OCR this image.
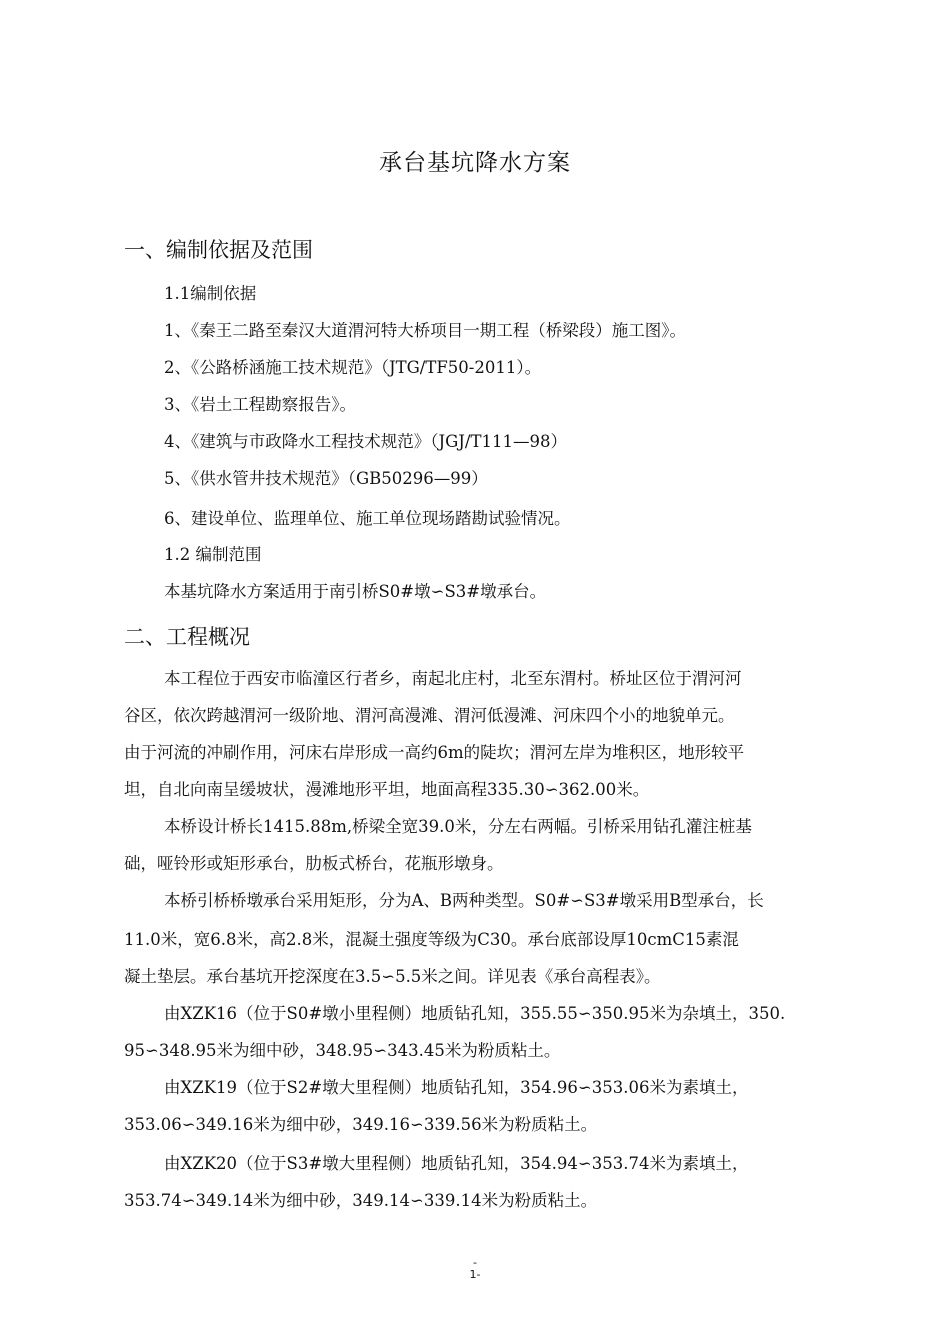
承台基坑降水方案
一、编制依据及范围
1.1编制依据
1、《秦王二路至秦汉大道渭河特大桥项目一期工程（桥梁段）施工图》。
2、《公路桥涵施工技术规范》（JTG/TF50-2011）。
3、《岩土工程勘察报告》。
4、《建筑与市政降水工程技术规范》（JGJ/T111—98）
5、《供水管井技术规范》（GB50296—99）
6、建设单位、监理单位、施工单位现场踏勘试验情况。
1.2 编制范围
本基坑降水方案适用于南引桥S0#墩∽S3#墩承台。
二、工程概况
本工程位于西安市临潼区行者乡，南起北庄村，北至东渭村。桥址区位于渭河河
谷区，依次跨越渭河一级阶地、渭河高漫滩、渭河低漫滩、河床四个小的地貌单元。
由于河流的冲刷作用，河床右岸形成一高约6m的陡坎；渭河左岸为堆积区，地形较平
坦，自北向南呈缓坡状，漫滩地形平坦，地面高程335.30∽362.00米。
本桥设计桥长1415.88m,桥梁全宽39.0米，分左右两幅。引桥采用钻孔灌注桩基
础，哑铃形或矩形承台，肋板式桥台，花瓶形墩身。
本桥引桥桥墩承台采用矩形，分为A、B两种类型。S0#∽S3#墩采用B型承台，长
11.0米，宽6.8米，高2.8米，混凝土强度等级为C30。承台底部设厚10cmC15素混
凝土垫层。承台基坑开挖深度在3.5∽5.5米之间。详见表《承台高程表》。
由XZK16（位于S0#墩小里程侧）地质钻孔知，355.55∽350.95米为杂填土，350.
95∽348.95米为细中砂，348.95∽343.45米为粉质粘土。
由XZK19（位于S2#墩大里程侧）地质钻孔知，354.96∽353.06米为素填土，
353.06∽349.16米为细中砂，349.16∽339.56米为粉质粘土。
由XZK20（位于S3#墩大里程侧）地质钻孔知，354.94∽353.74米为素填土，
353.74∽349.14米为细中砂，349.14∽339.14米为粉质粘土。
-
1-
